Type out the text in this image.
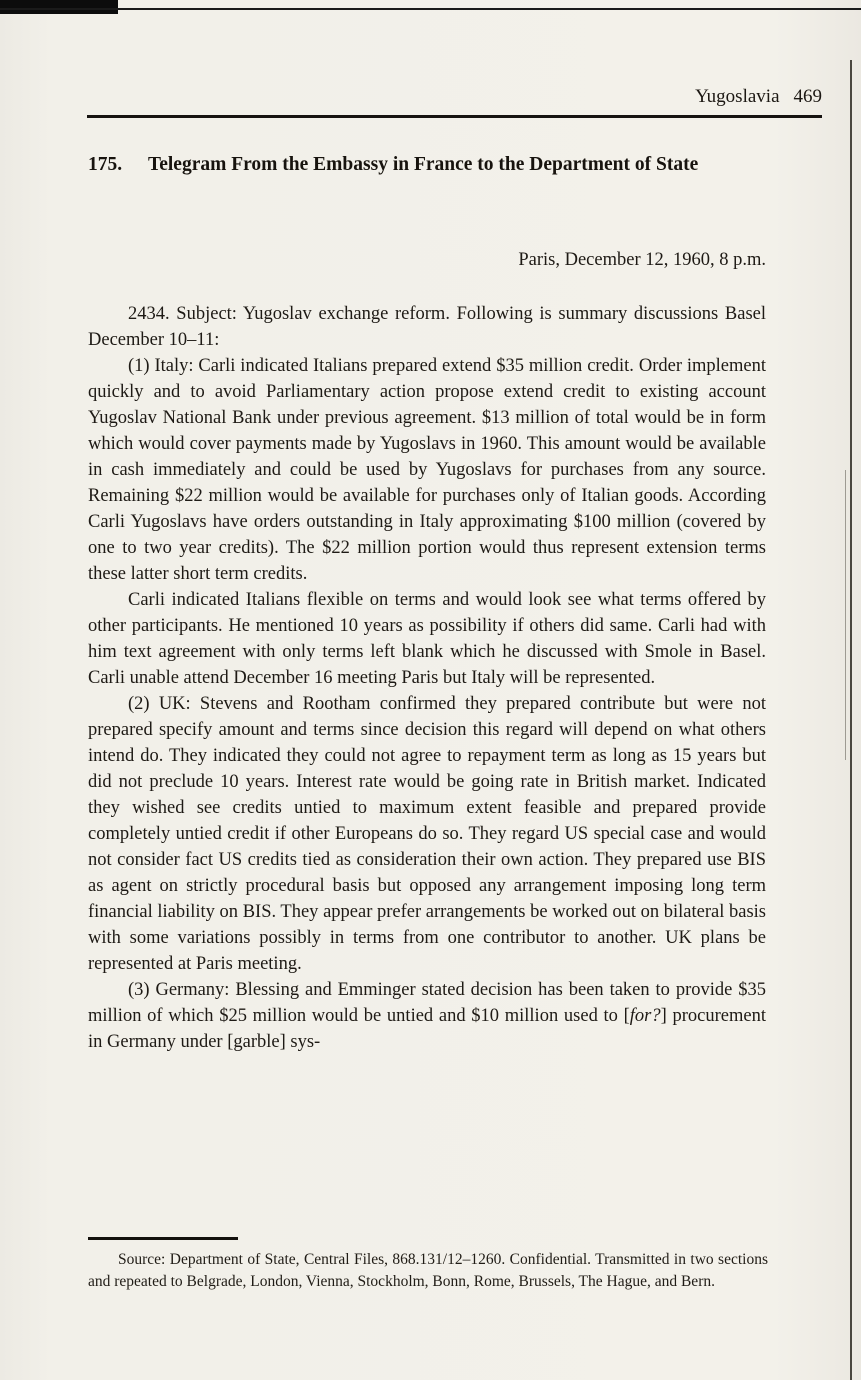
Yugoslavia 469
175. Telegram From the Embassy in France to the Department of State
Paris, December 12, 1960, 8 p.m.

2434. Subject: Yugoslav exchange reform. Following is summary discussions Basel December 10–11:

(1) Italy: Carli indicated Italians prepared extend $35 million credit. Order implement quickly and to avoid Parliamentary action propose extend credit to existing account Yugoslav National Bank under previous agreement. $13 million of total would be in form which would cover payments made by Yugoslavs in 1960. This amount would be available in cash immediately and could be used by Yugoslavs for purchases from any source. Remaining $22 million would be available for purchases only of Italian goods. According Carli Yugoslavs have orders outstanding in Italy approximating $100 million (covered by one to two year credits). The $22 million portion would thus represent extension terms these latter short term credits.

Carli indicated Italians flexible on terms and would look see what terms offered by other participants. He mentioned 10 years as possibility if others did same. Carli had with him text agreement with only terms left blank which he discussed with Smole in Basel. Carli unable attend December 16 meeting Paris but Italy will be represented.

(2) UK: Stevens and Rootham confirmed they prepared contribute but were not prepared specify amount and terms since decision this regard will depend on what others intend do. They indicated they could not agree to repayment term as long as 15 years but did not preclude 10 years. Interest rate would be going rate in British market. Indicated they wished see credits untied to maximum extent feasible and prepared provide completely untied credit if other Europeans do so. They regard US special case and would not consider fact US credits tied as consideration their own action. They prepared use BIS as agent on strictly procedural basis but opposed any arrangement imposing long term financial liability on BIS. They appear prefer arrangements be worked out on bilateral basis with some variations possibly in terms from one contributor to another. UK plans be represented at Paris meeting.

(3) Germany: Blessing and Emminger stated decision has been taken to provide $35 million of which $25 million would be untied and $10 million used to [for?] procurement in Germany under [garble] sys-

Source: Department of State, Central Files, 868.131/12–1260. Confidential. Transmitted in two sections and repeated to Belgrade, London, Vienna, Stockholm, Bonn, Rome, Brussels, The Hague, and Bern.
